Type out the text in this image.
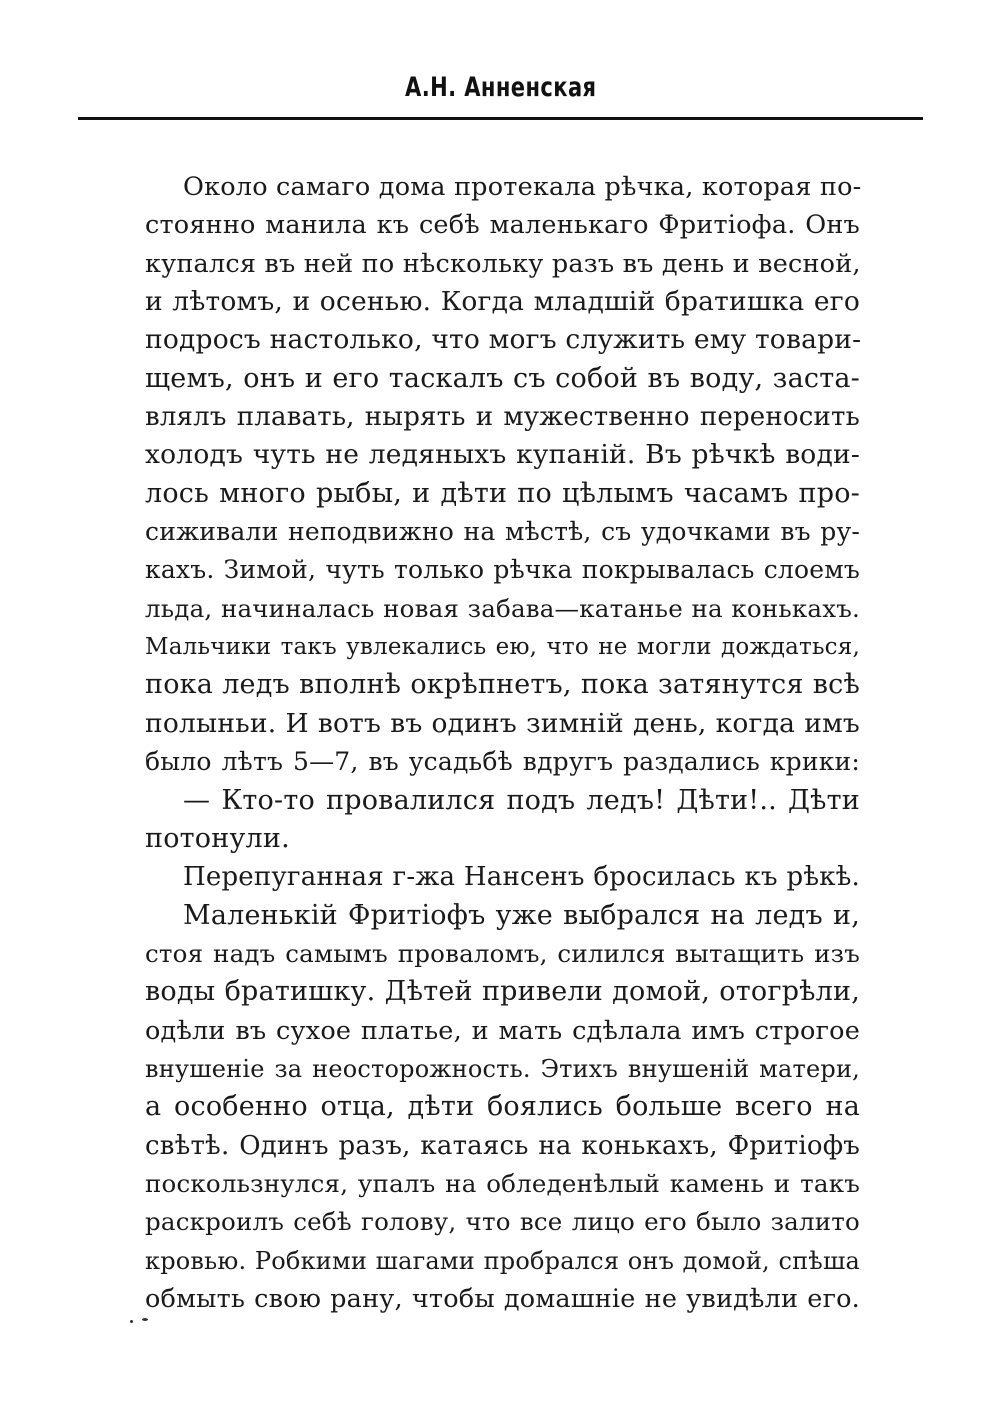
А.Н. Анненская
Около самаго дома протекала рѣчка, которая по-
стоянно манила къ себѣ маленькаго Фритіофа. Онъ
купался въ ней по нѣскольку разъ въ день и весной,
и лѣтомъ, и осенью. Когда младшій братишка его
подросъ настолько, что могъ служить ему товари-
щемъ, онъ и его таскалъ съ собой въ воду, заста-
влялъ плавать, нырять и мужественно переносить
холодъ чуть не ледяныхъ купаній. Въ рѣчкѣ води-
лось много рыбы, и дѣти по цѣлымъ часамъ про-
сиживали неподвижно на мѣстѣ, съ удочками въ ру-
кахъ. Зимой, чуть только рѣчка покрывалась слоемъ
льда, начиналась новая забава—катанье на конькахъ.
Мальчики такъ увлекались ею, что не могли дождаться,
пока ледъ вполнѣ окрѣпнетъ, пока затянутся всѣ
полыньи. И вотъ въ одинъ зимній день, когда имъ
было лѣтъ 5—7, въ усадьбѣ вдругъ раздались крики:
— Кто-то провалился подъ ледъ! Дѣти!.. Дѣти
потонули.
Перепуганная г-жа Нансенъ бросилась къ рѣкѣ.
Маленькій Фритіофъ уже выбрался на ледъ и,
стоя надъ самымъ проваломъ, силился вытащить изъ
воды братишку. Дѣтей привели домой, отогрѣли,
одѣли въ сухое платье, и мать сдѣлала имъ строгое
внушеніе за неосторожность. Этихъ внушеній матери,
а особенно отца, дѣти боялись больше всего на
свѣтѣ. Одинъ разъ, катаясь на конькахъ, Фритіофъ
поскользнулся, упалъ на обледенѣлый камень и такъ
раскроилъ себѣ голову, что все лицо его было залито
кровью. Робкими шагами пробрался онъ домой, спѣша
обмыть свою рану, чтобы домашніе не увидѣли его.
